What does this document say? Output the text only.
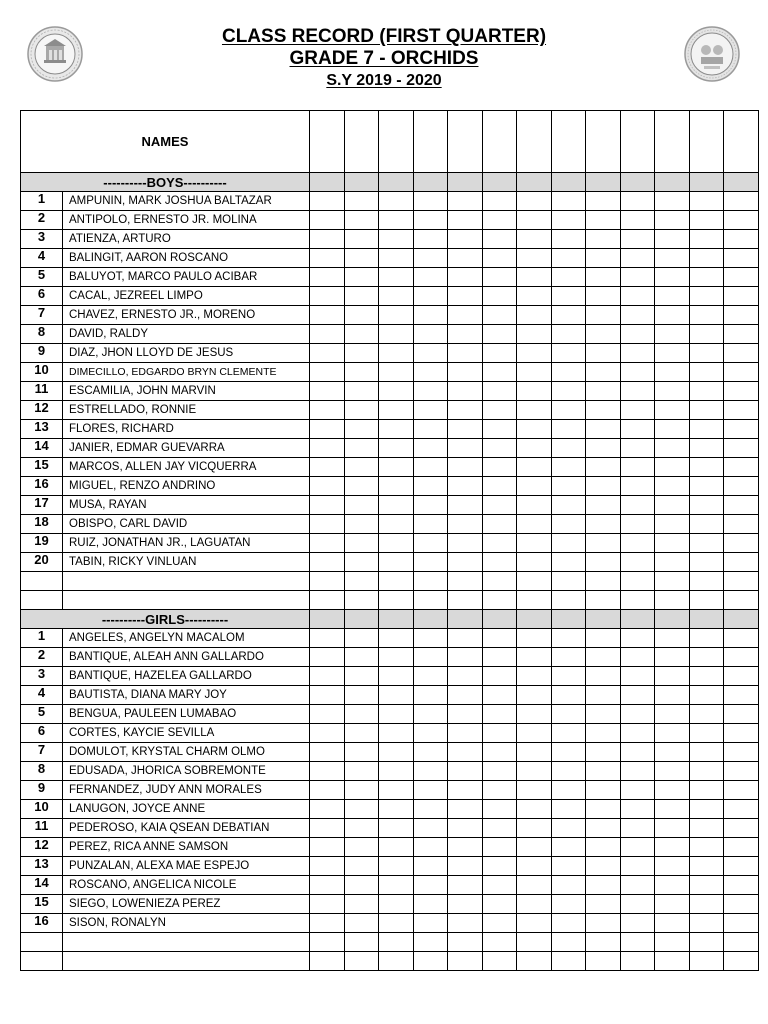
CLASS RECORD (FIRST QUARTER)
GRADE 7 - ORCHIDS
S.Y 2019 - 2020
NAMES														
----------BOYS----------														
1	AMPUNIN, MARK JOSHUA BALTAZAR													
2	ANTIPOLO, ERNESTO JR. MOLINA													
3	ATIENZA, ARTURO													
4	BALINGIT, AARON ROSCANO													
5	BALUYOT, MARCO PAULO ACIBAR													
6	CACAL, JEZREEL LIMPO													
7	CHAVEZ, ERNESTO JR., MORENO													
8	DAVID, RALDY													
9	DIAZ, JHON LLOYD DE JESUS													
10	DIMECILLO, EDGARDO BRYN CLEMENTE													
11	ESCAMILIA, JOHN MARVIN													
12	ESTRELLADO, RONNIE													
13	FLORES, RICHARD													
14	JANIER, EDMAR GUEVARRA													
15	MARCOS, ALLEN JAY VICQUERRA													
16	MIGUEL, RENZO ANDRINO													
17	MUSA, RAYAN													
18	OBISPO, CARL DAVID													
19	RUIZ, JONATHAN JR., LAGUATAN													
20	TABIN, RICKY VINLUAN													

----------GIRLS----------														
1	ANGELES, ANGELYN MACALOM													
2	BANTIQUE, ALEAH ANN GALLARDO													
3	BANTIQUE, HAZELEA GALLARDO													
4	BAUTISTA, DIANA MARY JOY													
5	BENGUA, PAULEEN LUMABAO													
6	CORTES, KAYCIE SEVILLA													
7	DOMULOT, KRYSTAL CHARM OLMO													
8	EDUSADA, JHORICA SOBREMONTE													
9	FERNANDEZ, JUDY ANN MORALES													
10	LANUGON, JOYCE ANNE													
11	PEDEROSO, KAIA QSEAN DEBATIAN													
12	PEREZ, RICA ANNE SAMSON													
13	PUNZALAN, ALEXA MAE ESPEJO													
14	ROSCANO, ANGELICA NICOLE													
15	SIEGO, LOWENIEZA PEREZ													
16	SISON, RONALYN													
